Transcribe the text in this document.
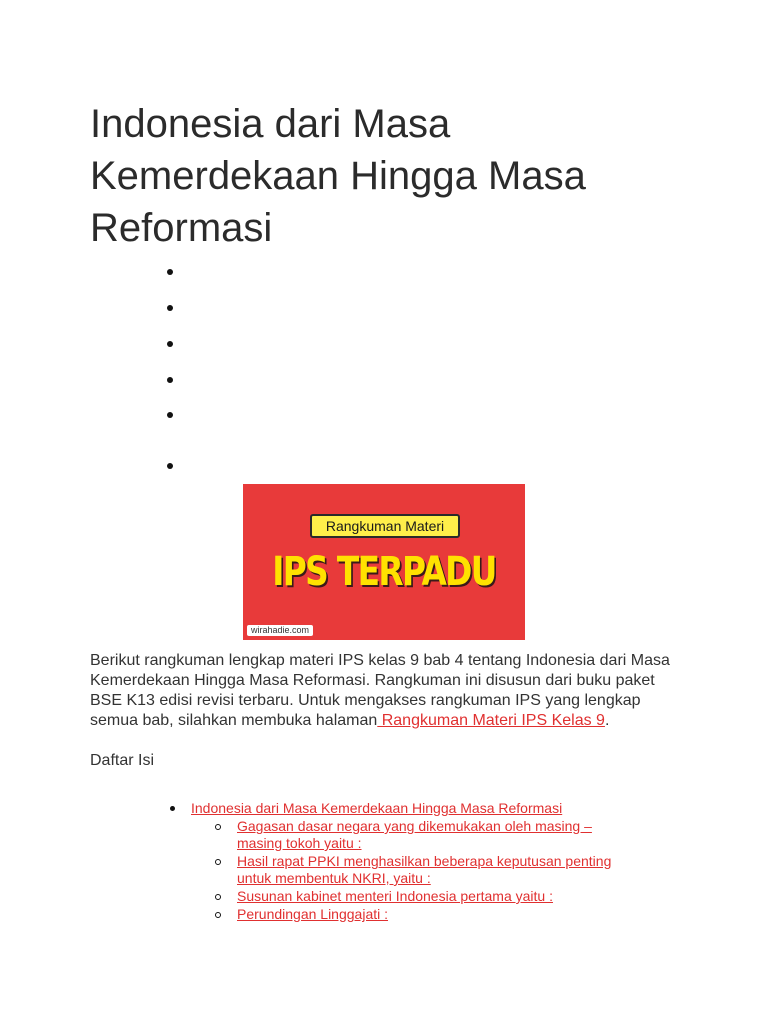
Indonesia dari Masa Kemerdekaan Hingga Masa Reformasi
Rangkuman Materi
IPS TERPADU
wirahadie.com

Berikut rangkuman lengkap materi IPS kelas 9 bab 4 tentang Indonesia dari Masa Kemerdekaan Hingga Masa Reformasi. Rangkuman ini disusun dari buku paket BSE K13 edisi revisi terbaru. Untuk mengakses rangkuman IPS yang lengkap semua bab, silahkan membuka halaman Rangkuman Materi IPS Kelas 9.

Daftar Isi

Indonesia dari Masa Kemerdekaan Hingga Masa Reformasi
Gagasan dasar negara yang dikemukakan oleh masing – masing tokoh yaitu :
Hasil rapat PPKI menghasilkan beberapa keputusan penting untuk membentuk NKRI, yaitu :
Susunan kabinet menteri Indonesia pertama yaitu :
Perundingan Linggajati :
